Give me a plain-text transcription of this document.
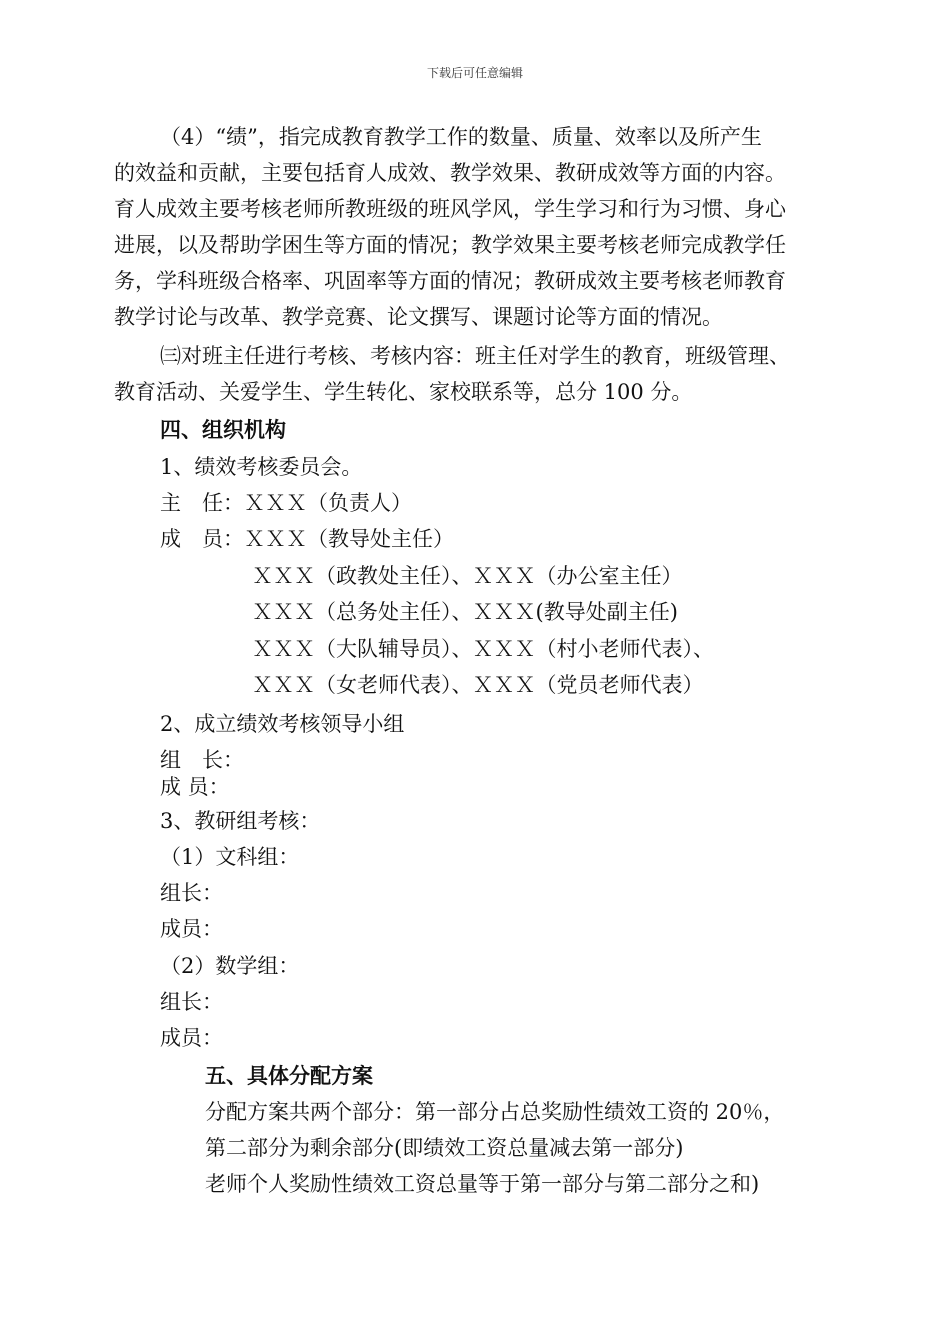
下载后可任意编辑
（4）“绩”，指完成教育教学工作的数量、质量、效率以及所产生
的效益和贡献，主要包括育人成效、教学效果、教研成效等方面的内容。
育人成效主要考核老师所教班级的班风学风，学生学习和行为习惯、身心
进展，以及帮助学困生等方面的情况；教学效果主要考核老师完成教学任
务，学科班级合格率、巩固率等方面的情况；教研成效主要考核老师教育
教学讨论与改革、教学竞赛、论文撰写、课题讨论等方面的情况。
㈢对班主任进行考核、考核内容：班主任对学生的教育，班级管理、
教育活动、关爱学生、学生转化、家校联系等，总分 100 分。
四、组织机构
1、绩效考核委员会。
主　任：ＸＸＸ（负责人）
成　员：ＸＸＸ（教导处主任）
ＸＸＸ（政教处主任）、ＸＸＸ（办公室主任）
ＸＸＸ（总务处主任）、ＸＸＸ(教导处副主任)
ＸＸＸ（大队辅导员）、ＸＸＸ（村小老师代表）、
ＸＸＸ（女老师代表）、ＸＸＸ（党员老师代表）
2、成立绩效考核领导小组
组　长：
成 员：
3、教研组考核：
（1）文科组：
组长：
成员：
（2）数学组：
组长：
成员：
五、具体分配方案
分配方案共两个部分：第一部分占总奖励性绩效工资的 20％，
第二部分为剩余部分(即绩效工资总量减去第一部分)
老师个人奖励性绩效工资总量等于第一部分与第二部分之和)
